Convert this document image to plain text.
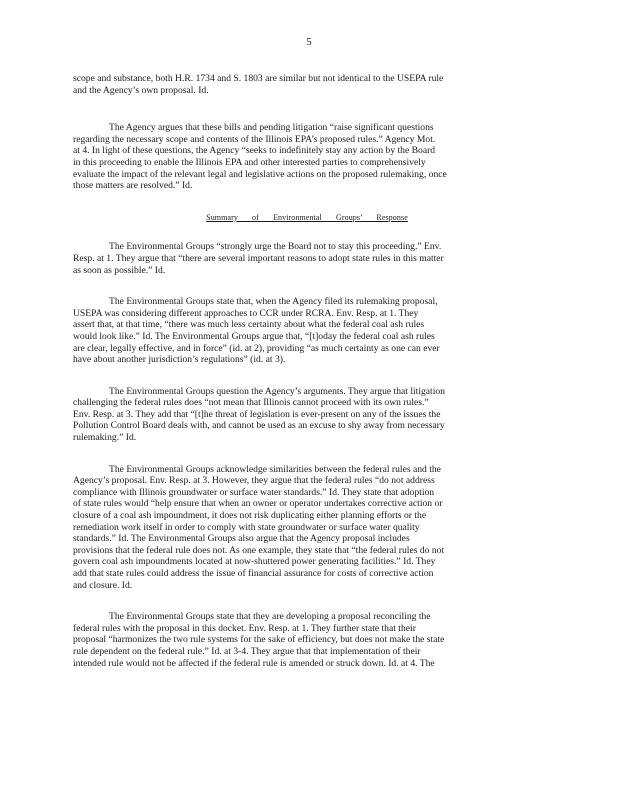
5
scope and substance, both H.R. 1734 and S. 1803 are similar but not identical to the USEPA rule
and the Agency’s own proposal. Id.
The Agency argues that these bills and pending litigation “raise significant questions
regarding the necessary scope and contents of the Illinois EPA’s proposed rules.” Agency Mot.
at 4. In light of these questions, the Agency “seeks to indefinitely stay any action by the Board
in this proceeding to enable the Illinois EPA and other interested parties to comprehensively
evaluate the impact of the relevant legal and legislative actions on the proposed rulemaking, once
those matters are resolved.” Id.
Summary of Environmental Groups’ Response
The Environmental Groups “strongly urge the Board not to stay this proceeding.” Env.
Resp. at 1. They argue that “there are several important reasons to adopt state rules in this matter
as soon as possible.” Id.
The Environmental Groups state that, when the Agency filed its rulemaking proposal,
USEPA was considering different approaches to CCR under RCRA. Env. Resp. at 1. They
assert that, at that time, “there was much less certainty about what the federal coal ash rules
would look like.” Id. The Environmental Groups argue that, “[t]oday the federal coal ash rules
are clear, legally effective, and in force” (id. at 2), providing “as much certainty as one can ever
have about another jurisdiction’s regulations” (id. at 3).
The Environmental Groups question the Agency’s arguments. They argue that litigation
challenging the federal rules does “not mean that Illinois cannot proceed with its own rules.”
Env. Resp. at 3. They add that “[t]he threat of legislation is ever-present on any of the issues the
Pollution Control Board deals with, and cannot be used as an excuse to shy away from necessary
rulemaking.” Id.
The Environmental Groups acknowledge similarities between the federal rules and the
Agency’s proposal. Env. Resp. at 3. However, they argue that the federal rules “do not address
compliance with Illinois groundwater or surface water standards.” Id. They state that adoption
of state rules would “help ensure that when an owner or operator undertakes corrective action or
closure of a coal ash impoundment, it does not risk duplicating either planning efforts or the
remediation work itself in order to comply with state groundwater or surface water quality
standards.” Id. The Environmental Groups also argue that the Agency proposal includes
provisions that the federal rule does not. As one example, they state that “the federal rules do not
govern coal ash impoundments located at now-shuttered power generating facilities.” Id. They
add that state rules could address the issue of financial assurance for costs of corrective action
and closure. Id.
The Environmental Groups state that they are developing a proposal reconciling the
federal rules with the proposal in this docket. Env. Resp. at 1. They further state that their
proposal “harmonizes the two rule systems for the sake of efficiency, but does not make the state
rule dependent on the federal rule.” Id. at 3-4. They argue that that implementation of their
intended rule would not be affected if the federal rule is amended or struck down. Id. at 4. The
